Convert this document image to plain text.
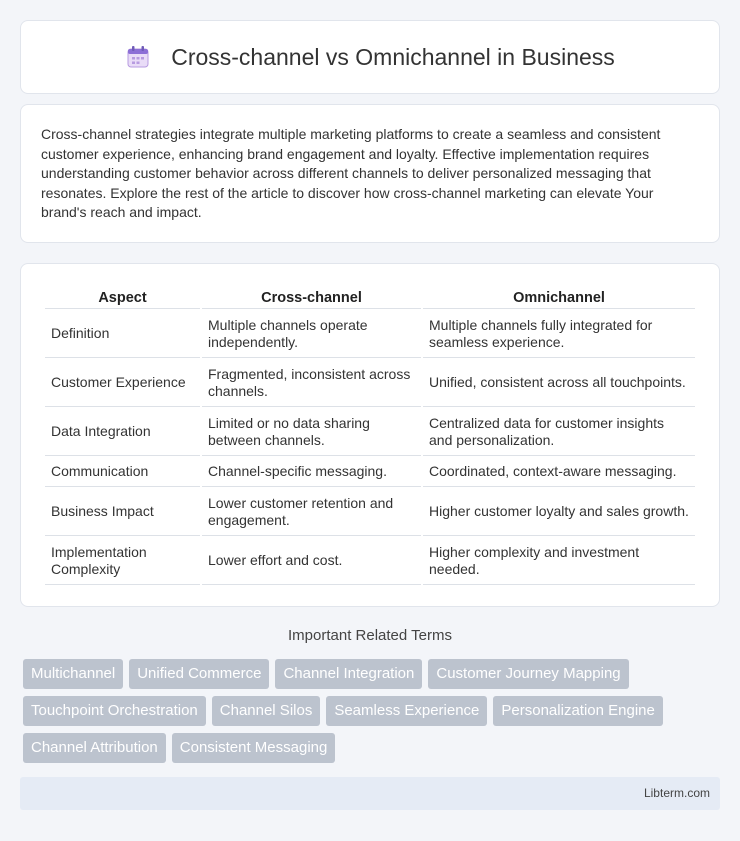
Cross-channel vs Omnichannel in Business

Cross-channel strategies integrate multiple marketing platforms to create a seamless and consistent customer experience, enhancing brand engagement and loyalty. Effective implementation requires understanding customer behavior across different channels to deliver personalized messaging that resonates. Explore the rest of the article to discover how cross-channel marketing can elevate Your brand's reach and impact.

Aspect	Cross-channel	Omnichannel
Definition	Multiple channels operate independently.	Multiple channels fully integrated for seamless experience.
Customer Experience	Fragmented, inconsistent across channels.	Unified, consistent across all touchpoints.
Data Integration	Limited or no data sharing between channels.	Centralized data for customer insights and personalization.
Communication	Channel-specific messaging.	Coordinated, context-aware messaging.
Business Impact	Lower customer retention and engagement.	Higher customer loyalty and sales growth.
Implementation Complexity	Lower effort and cost.	Higher complexity and investment needed.
Important Related Terms
Multichannel	Unified Commerce	Channel Integration	Customer Journey Mapping
Touchpoint Orchestration	Channel Silos	Seamless Experience	Personalization Engine
Channel Attribution	Consistent Messaging
Libterm.com
